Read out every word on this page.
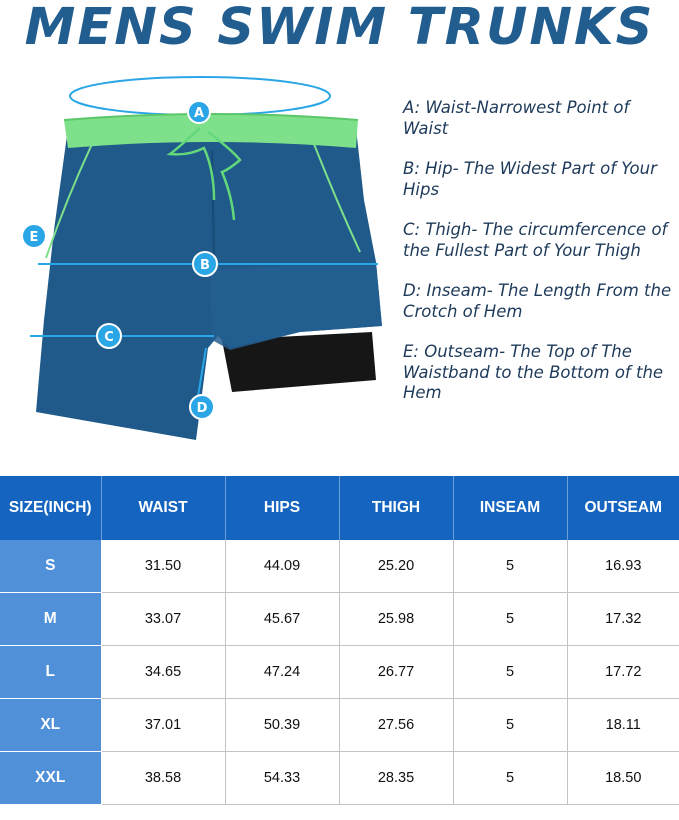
MENS SWIM TRUNKS
A
B
C
D
E

A: Waist-Narrowest Point of Waist

B: Hip- The Widest Part of Your Hips

C: Thigh- The circumfercence of the Fullest Part of Your Thigh

D: Inseam- The Length From the Crotch of Hem

E: Outseam- The Top of The Waistband to the Bottom of the Hem

SIZE(INCH)	WAIST	HIPS	THIGH	INSEAM	OUTSEAM
S	31.50	44.09	25.20	5	16.93
M	33.07	45.67	25.98	5	17.32
L	34.65	47.24	26.77	5	17.72
XL	37.01	50.39	27.56	5	18.11
XXL	38.58	54.33	28.35	5	18.50
